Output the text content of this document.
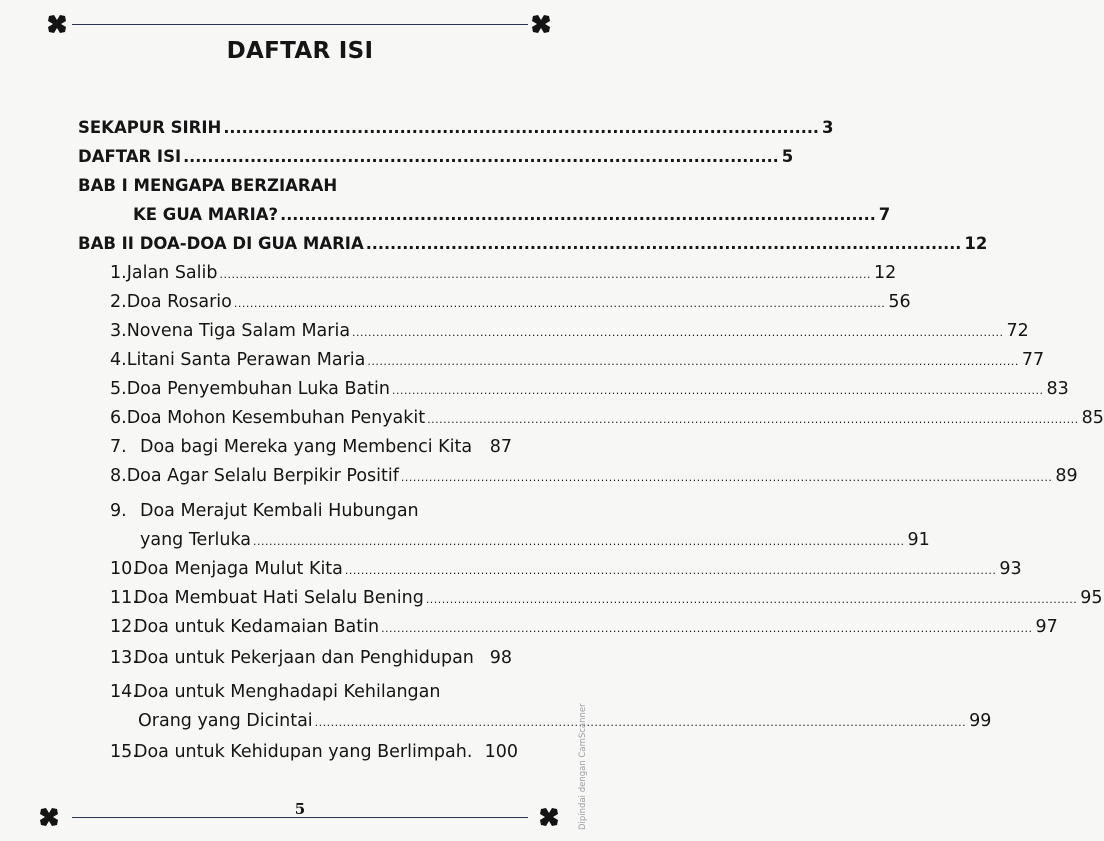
DAFTAR ISI
SEKAPUR SIRIH .................................................................................................. 3
DAFTAR ISI .................................................................................................. 5
BAB I MENGAPA BERZIARAH
KE GUA MARIA? .................................................................................................. 7
BAB II DOA-DOA DI GUA MARIA .................................................................................................. 12
1. Jalan Salib ................................................................................................................................................................... 12
2. Doa Rosario ................................................................................................................................................................... 56
3. Novena Tiga Salam Maria ................................................................................................................................................................... 72
4. Litani Santa Perawan Maria ................................................................................................................................................................... 77
5. Doa Penyembuhan Luka Batin ................................................................................................................................................................... 83
6. Doa Mohon Kesembuhan Penyakit ................................................................................................................................................................... 85
7. Doa bagi Mereka yang Membenci Kita 87
8. Doa Agar Selalu Berpikir Positif ................................................................................................................................................................... 89
9. Doa Merajut Kembali Hubungan
yang Terluka ................................................................................................................................................................... 91
10.
Doa Menjaga Mulut Kita ................................................................................................................................................................... 93
11.
Doa Membuat Hati Selalu Bening ................................................................................................................................................................... 95
12.
Doa untuk Kedamaian Batin ................................................................................................................................................................... 97
13.
Doa untuk Pekerjaan dan Penghidupan 98
14.
Doa untuk Menghadapi Kehilangan
Orang yang Dicintai ................................................................................................................................................................... 99
15.
Doa untuk Kehidupan yang Berlimpah. 100
5	Dipindai dengan CamScanner
